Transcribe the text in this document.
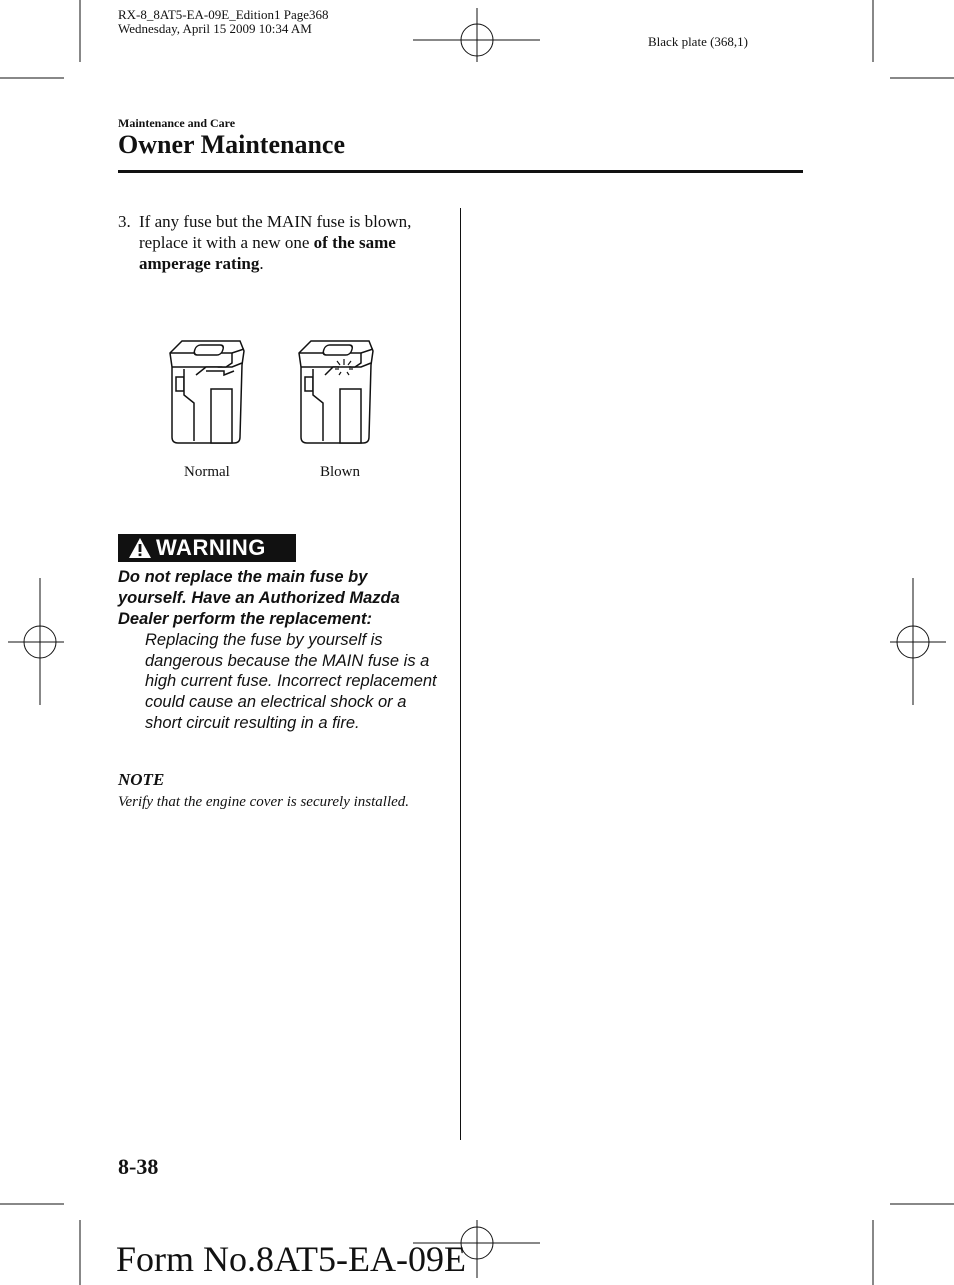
RX-8_8AT5-EA-09E_Edition1 Page368
Wednesday, April 15 2009 10:34 AM
Black plate (368,1)
Maintenance and Care
Owner Maintenance
3. If any fuse but the MAIN fuse is blown, replace it with a new one of the same amperage rating.
Normal	Blown
WARNING
Do not replace the main fuse by yourself. Have an Authorized Mazda Dealer perform the replacement:
Replacing the fuse by yourself is dangerous because the MAIN fuse is a high current fuse. Incorrect replacement could cause an electrical shock or a short circuit resulting in a fire.
NOTE
Verify that the engine cover is securely installed.
8-38
Form No.8AT5-EA-09E
